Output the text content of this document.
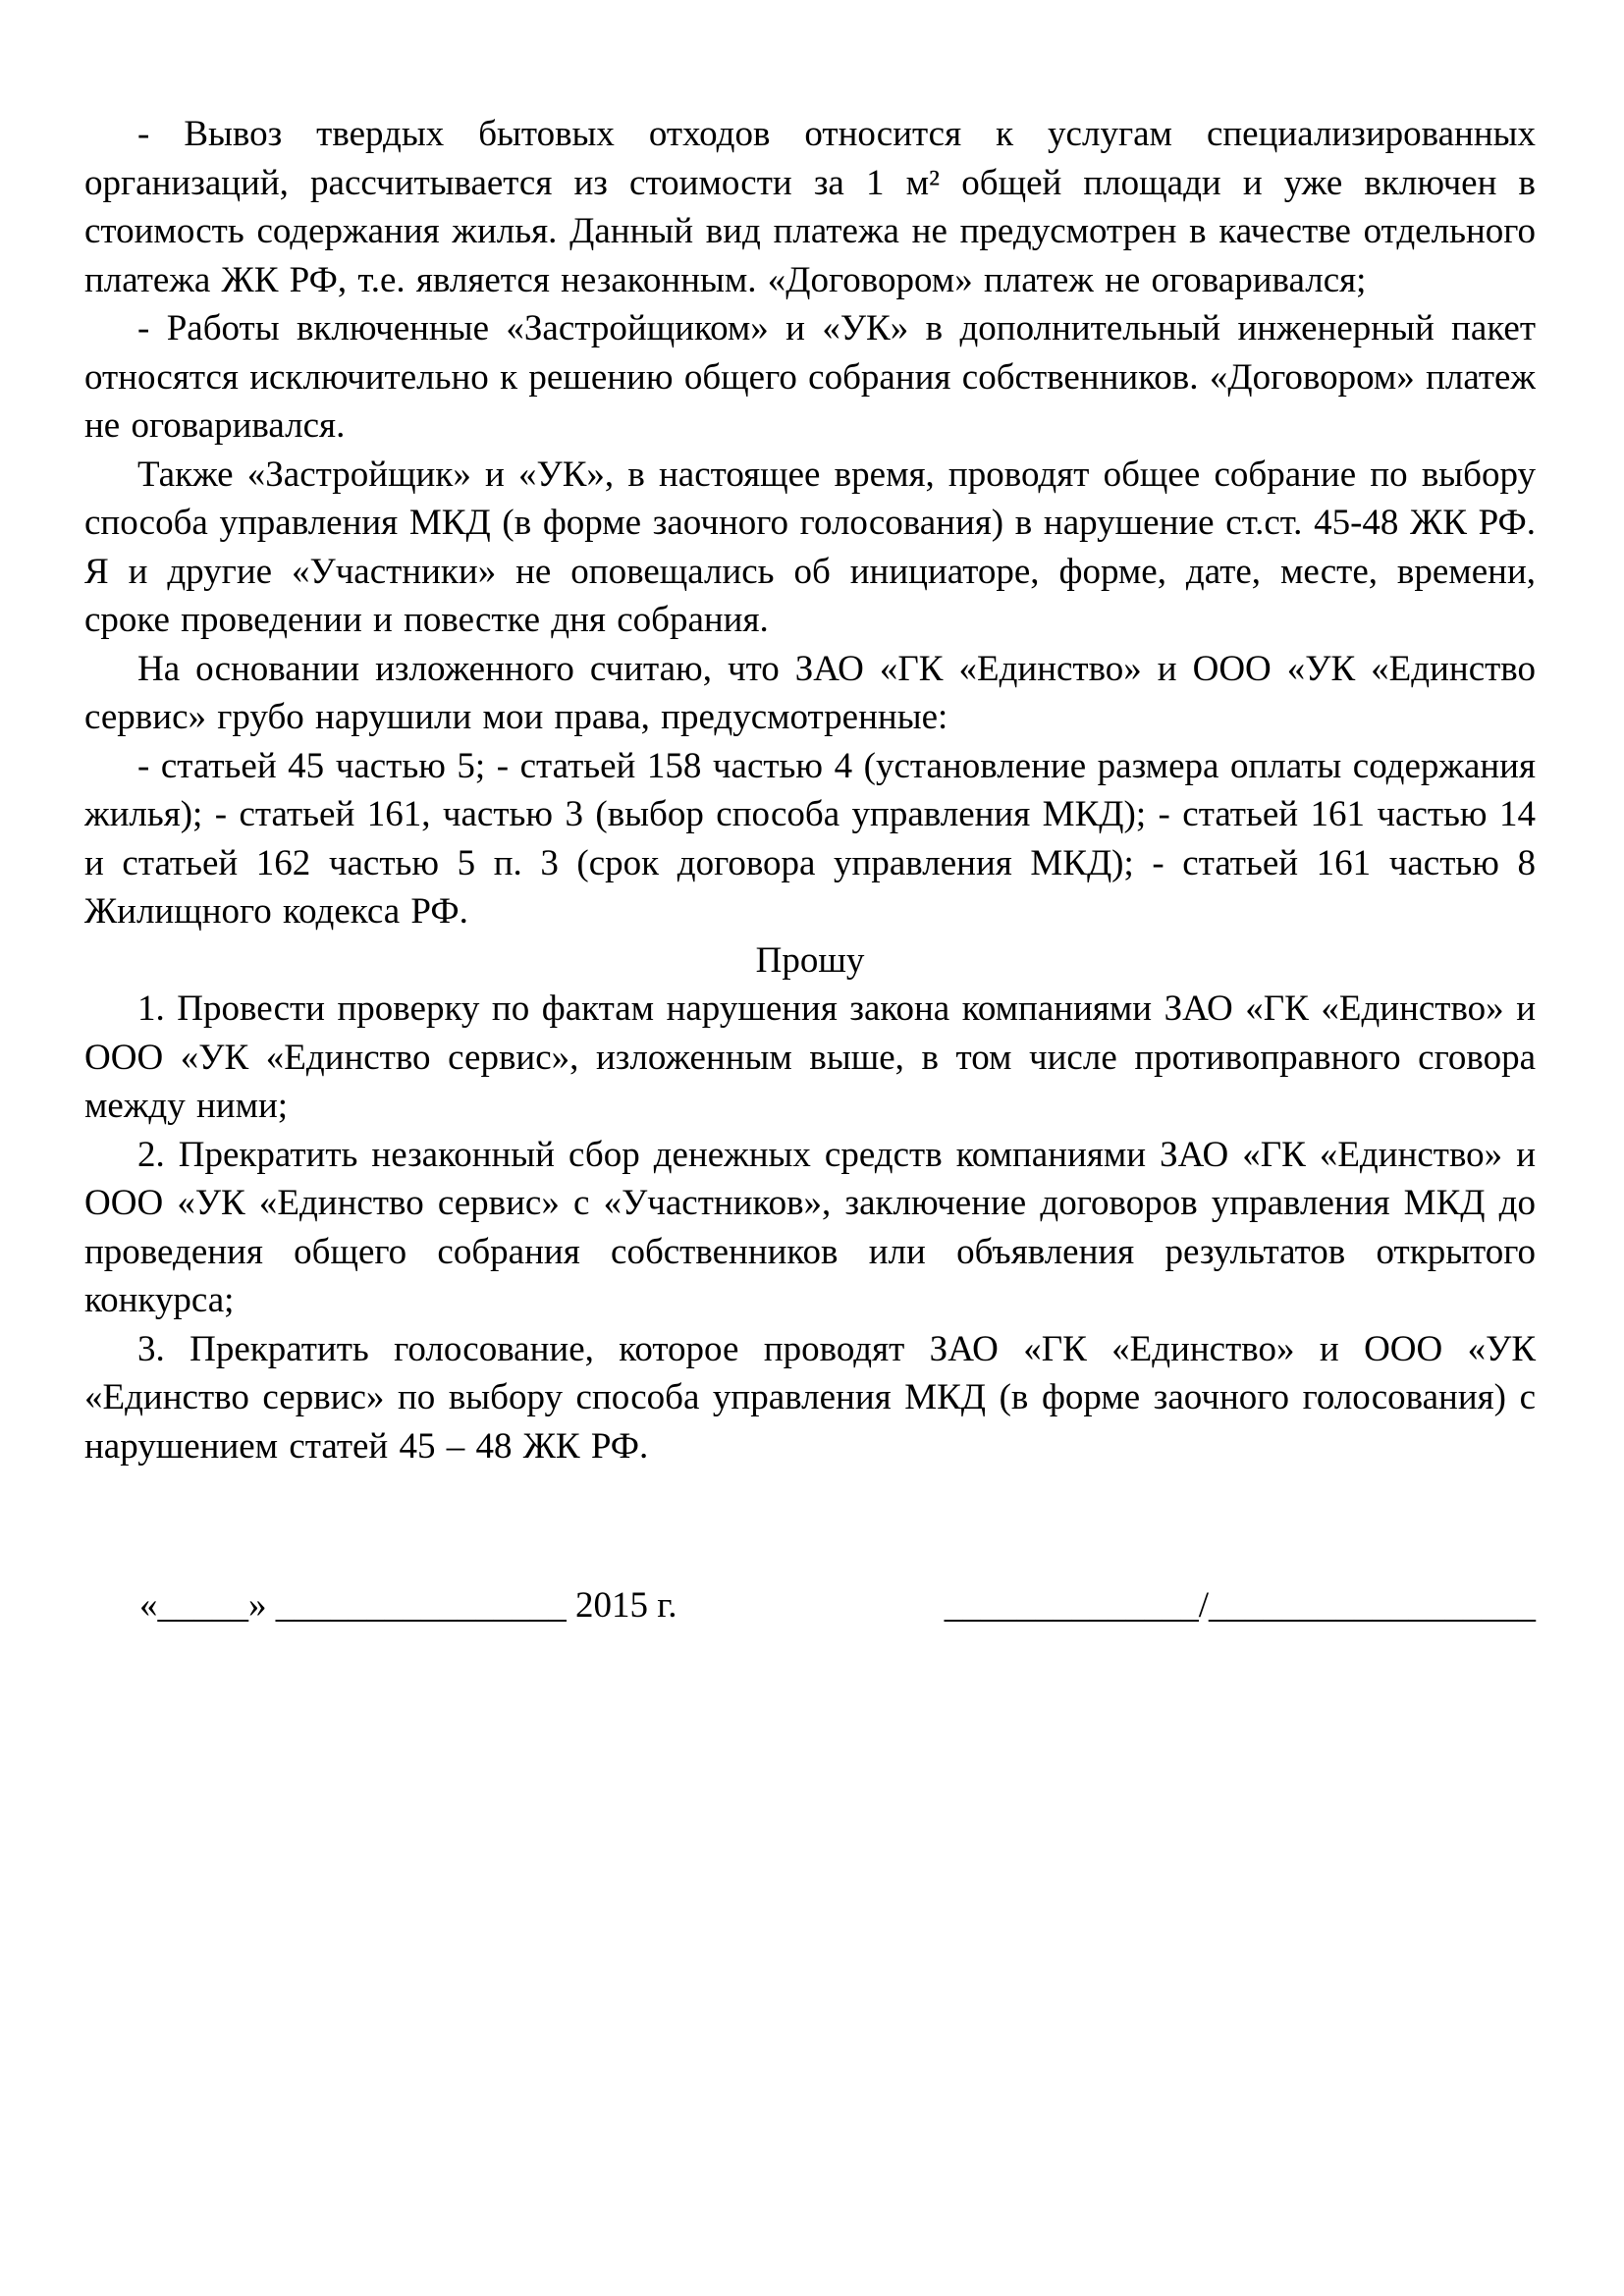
- Вывоз твердых бытовых отходов относится к услугам специализированных организаций, рассчитывается из стоимости за 1 м² общей площади и уже включен в стоимость содержания жилья. Данный вид платежа не предусмотрен в качестве отдельного платежа ЖК РФ, т.е. является незаконным. «Договором» платеж не оговаривался;

- Работы включенные «Застройщиком» и «УК» в дополнительный инженерный пакет относятся исключительно к решению общего собрания собственников. «Договором» платеж не оговаривался.

Также «Застройщик» и «УК», в настоящее время, проводят общее собрание по выбору способа управления МКД (в форме заочного голосования) в нарушение ст.ст. 45-48 ЖК РФ. Я и другие «Участники» не оповещались об инициаторе, форме, дате, месте, времени, сроке проведении и повестке дня собрания.

На основании изложенного считаю, что ЗАО «ГК «Единство» и ООО «УК «Единство сервис» грубо нарушили мои права, предусмотренные:

- статьей 45 частью 5; - статьей 158 частью 4 (установление размера оплаты содержания жилья); - статьей 161, частью 3 (выбор способа управления МКД); - статьей 161 частью 14 и статьей 162 частью 5 п. 3 (срок договора управления МКД); - статьей 161 частью 8 Жилищного кодекса РФ.

Прошу

1. Провести проверку по фактам нарушения закона компаниями ЗАО «ГК «Единство» и ООО «УК «Единство сервис», изложенным выше, в том числе противоправного сговора между ними;

2. Прекратить незаконный сбор денежных средств компаниями ЗАО «ГК «Единство» и ООО «УК «Единство сервис» с «Участников», заключение договоров управления МКД до проведения общего собрания собственников или объявления результатов открытого конкурса;

3. Прекратить голосование, которое проводят ЗАО «ГК «Единство» и ООО «УК «Единство сервис» по выбору способа управления МКД (в форме заочного голосования) с нарушением статей 45 – 48 ЖК РФ.

«_____» ________________ 2015 г.	______________/__________________
